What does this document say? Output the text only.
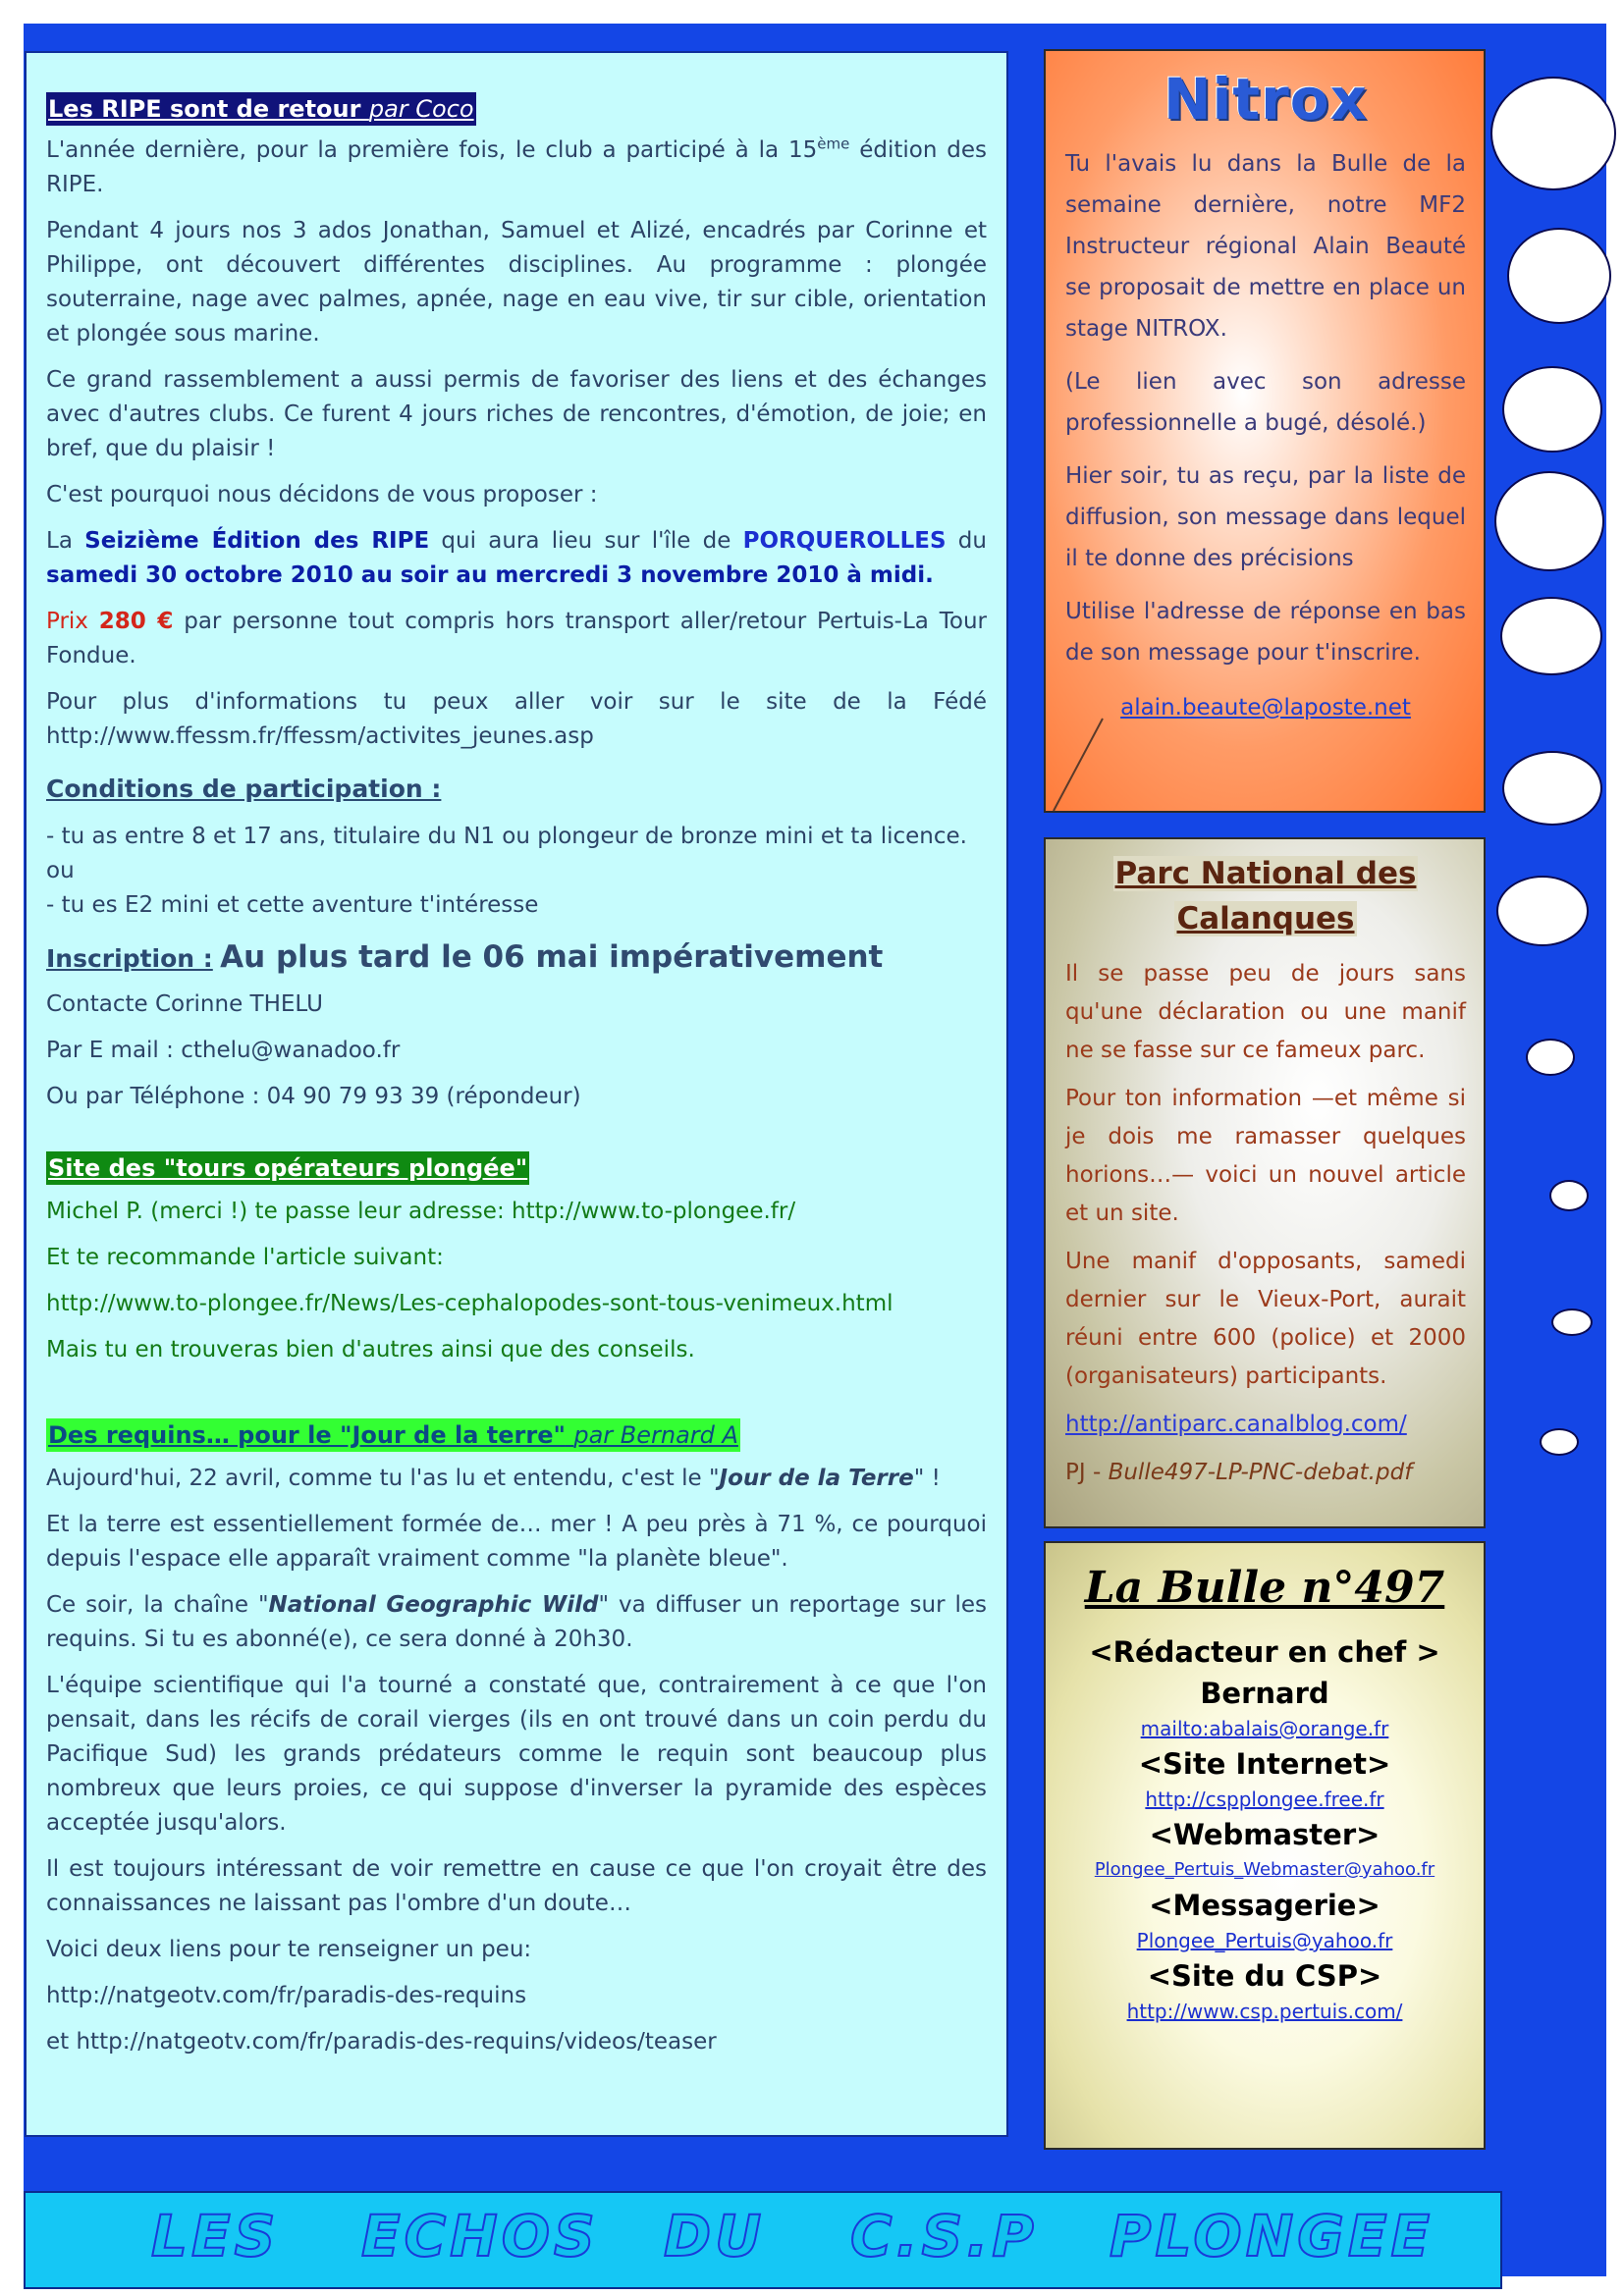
Les RIPE sont de retour par Coco

L'année dernière, pour la première fois, le club a participé à la 15ème édition des RIPE.

Pendant 4 jours nos 3 ados Jonathan, Samuel et Alizé, encadrés par Corinne et Philippe, ont découvert différentes disciplines. Au programme : plongée souterraine, nage avec palmes, apnée, nage en eau vive, tir sur cible, orientation et plongée sous marine.

Ce grand rassemblement a aussi permis de favoriser des liens et des échanges avec d'autres clubs. Ce furent 4 jours riches de rencontres, d'émotion, de joie; en bref, que du plaisir !

C'est pourquoi nous décidons de vous proposer :

La Seizième Édition des RIPE qui aura lieu sur l'île de PORQUEROLLES du samedi 30 octobre 2010 au soir au mercredi 3 novembre 2010 à midi.

Prix 280 € par personne tout compris hors transport aller/retour Pertuis-La Tour Fondue.

Pour plus d'informations tu peux aller voir sur le site de la Fédé http://www.ffessm.fr/ffessm/activites_jeunes.asp

Conditions de participation :

- tu as entre 8 et 17 ans, titulaire du N1 ou plongeur de bronze mini et ta licence.
ou
- tu es E2 mini et cette aventure t'intéresse

Inscription : Au plus tard le 06 mai impérativement

Contacte Corinne THELU

Par E mail : cthelu@wanadoo.fr

Ou par Téléphone : 04 90 79 93 39 (répondeur)

Site des "tours opérateurs plongée"

Michel P. (merci !) te passe leur adresse: http://www.to-plongee.fr/

Et te recommande l'article suivant:

http://www.to-plongee.fr/News/Les-cephalopodes-sont-tous-venimeux.html

Mais tu en trouveras bien d'autres ainsi que des conseils.

Des requins… pour le "Jour de la terre" par Bernard A

Aujourd'hui, 22 avril, comme tu l'as lu et entendu, c'est le "Jour de la Terre" !

Et la terre est essentiellement formée de… mer ! A peu près à 71 %, ce pourquoi depuis l'espace elle apparaît vraiment comme "la planète bleue".

Ce soir, la chaîne "National Geographic Wild" va diffuser un reportage sur les requins. Si tu es abonné(e), ce sera donné à 20h30.

L'équipe scientifique qui l'a tourné a constaté que, contrairement à ce que l'on pensait, dans les récifs de corail vierges (ils en ont trouvé dans un coin perdu du Pacifique Sud) les grands prédateurs comme le requin sont beaucoup plus nombreux que leurs proies, ce qui suppose d'inverser la pyramide des espèces acceptée jusqu'alors.

Il est toujours intéressant de voir remettre en cause ce que l'on croyait être des connaissances ne laissant pas l'ombre d'un doute…

Voici deux liens pour te renseigner un peu:

http://natgeotv.com/fr/paradis-des-requins

et http://natgeotv.com/fr/paradis-des-requins/videos/teaser

Nitrox

Tu l'avais lu dans la Bulle de la semaine dernière, notre MF2 Instructeur régional Alain Beauté se proposait de mettre en place un stage NITROX.

(Le lien avec son adresse professionnelle a bugé, désolé.)

Hier soir, tu as reçu, par la liste de diffusion, son message dans lequel il te donne des précisions

Utilise l'adresse de réponse en bas de son message pour t'inscrire.

alain.beaute@laposte.net
Parc National des
Calanques

Il se passe peu de jours sans qu'une déclaration ou une manif ne se fasse sur ce fameux parc.

Pour ton information —et même si je dois me ramasser quelques horions…— voici un nouvel article et un site.

Une manif d'opposants, samedi dernier sur le Vieux-Port, aurait réuni entre 600 (police) et 2000 (organisateurs) participants.

http://antiparc.canalblog.com/

PJ - Bulle497-LP-PNC-debat.pdf

La Bulle n°497
<Rédacteur en chef >
Bernard
mailto:abalais@orange.fr
<Site Internet>
http://cspplongee.free.fr
<Webmaster>
Plongee_Pertuis_Webmaster@yahoo.fr
<Messagerie>
Plongee_Pertuis@yahoo.fr
<Site du CSP>
http://www.csp.pertuis.com/
LES ECHOS DU C.S.P PLONGEE
